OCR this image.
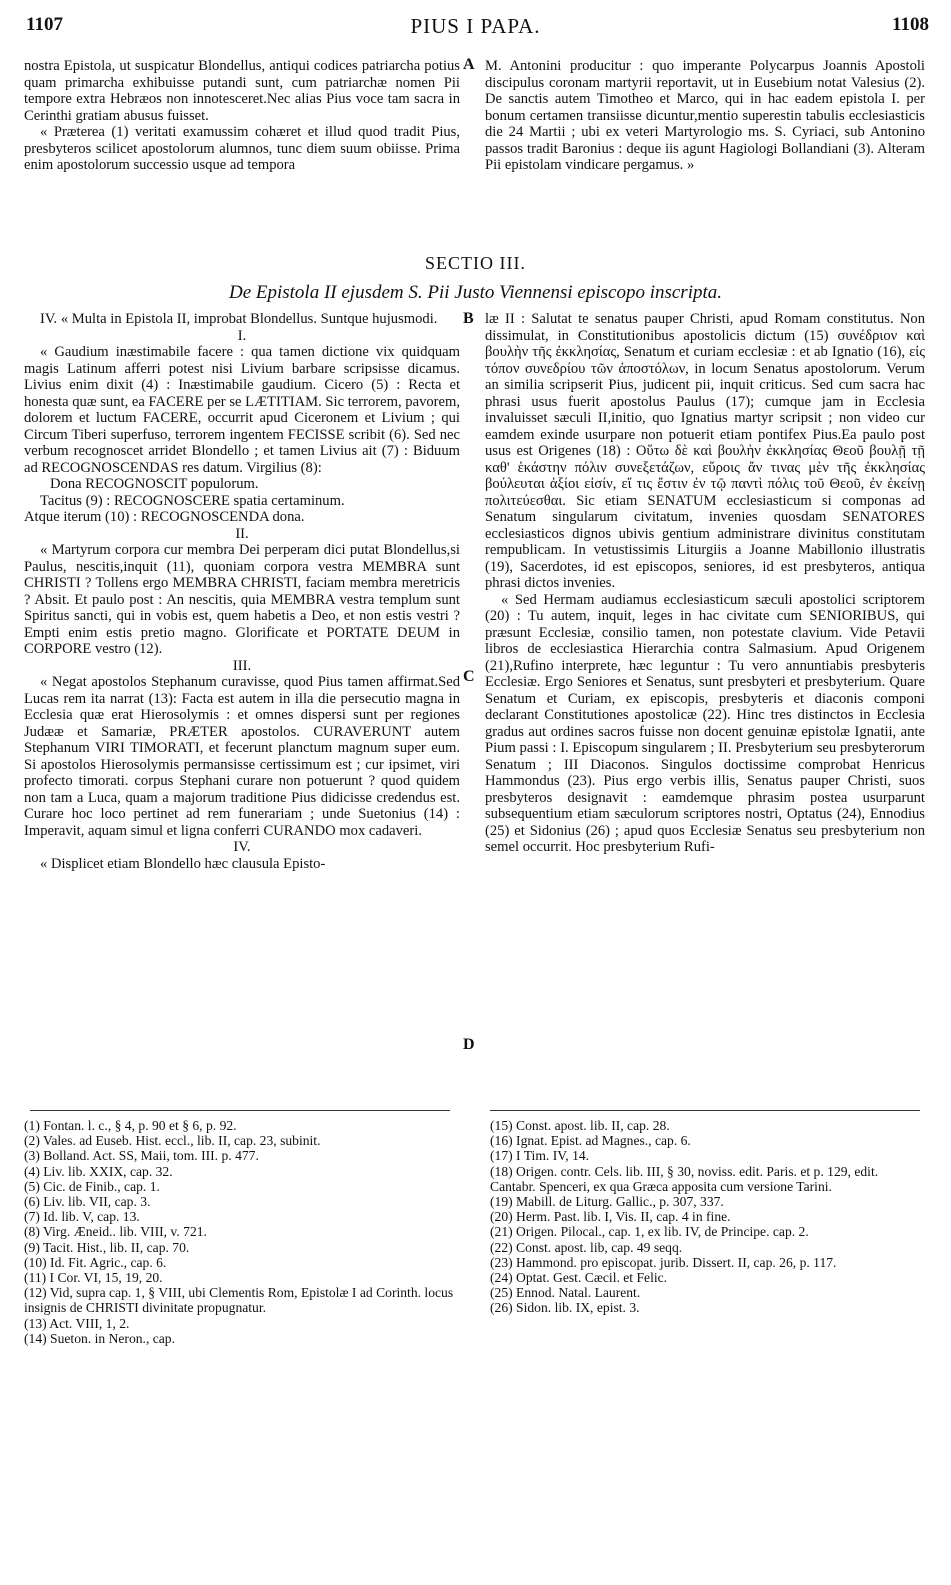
1107	PIUS I PAPA.	1108

nostra Epistola, ut suspicatur Blondellus, antiqui codices patriarcha potius quam primarcha exhibuisse putandi sunt, cum patriarchæ nomen Pii tempore extra Hebræos non innotesceret.Nec alias Pius voce tam sacra in Cerinthi gratiam abusus fuisset.

« Præterea (1) veritati examussim cohæret et illud quod tradit Pius, presbyteros scilicet apostolorum alumnos, tunc diem suum obiisse. Prima enim apostolorum successio usque ad tempora

A M. Antonini producitur : quo imperante Polycarpus Joannis Apostoli discipulus coronam martyrii reportavit, ut in Eusebium notat Valesius (2). De sanctis autem Timotheo et Marco, qui in hac eadem epistola I. per bonum certamen transiisse dicuntur,mentio superestin tabulis ecclesiasticis die 24 Martii ; ubi ex veteri Martyrologio ms. S. Cyriaci, sub Antonino passos tradit Baronius : deque iis agunt Hagiologi Bollandiani (3). Alteram Pii epistolam vindicare pergamus. »

SECTIO III.
De Epistola II ejusdem S. Pii Justo Viennensi episcopo inscripta.

IV. « Multa in Epistola II, improbat Blondellus. Suntque hujusmodi.

I.

« Gaudium inæstimabile facere : qua tamen dictione vix quidquam magis Latinum afferri potest nisi Livium barbare scripsisse dicamus. Livius enim dixit (4) : Inæstimabile gaudium. Cicero (5) : Recta et honesta quæ sunt, ea FACERE per se LÆTITIAM. Sic terrorem, pavorem, dolorem et luctum FACERE, occurrit apud Ciceronem et Livium ; qui Circum Tiberi superfuso, terrorem ingentem FECISSE scribit (6). Sed nec verbum recognoscet arridet Blondello ; et tamen Livius ait (7) : Biduum ad RECOGNOSCENDAS res datum. Virgilius (8):

Dona RECOGNOSCIT populorum.

Tacitus (9) : RECOGNOSCERE spatia certaminum.

Atque iterum (10) : RECOGNOSCENDA dona.

II.

« Martyrum corpora cur membra Dei perperam dici putat Blondellus,si Paulus, nescitis,inquit (11), quoniam corpora vestra MEMBRA sunt CHRISTI ? Tollens ergo MEMBRA CHRISTI, faciam membra meretricis ? Absit. Et paulo post : An nescitis, quia MEMBRA vestra templum sunt Spiritus sancti, qui in vobis est, quem habetis a Deo, et non estis vestri ? Empti enim estis pretio magno. Glorificate et PORTATE DEUM in CORPORE vestro (12).

III.

« Negat apostolos Stephanum curavisse, quod Pius tamen affirmat.Sed Lucas rem ita narrat (13): Facta est autem in illa die persecutio magna in Ecclesia quæ erat Hierosolymis : et omnes dispersi sunt per regiones Judææ et Samariæ, PRÆTER apostolos. CURAVERUNT autem Stephanum VIRI TIMORATI, et fecerunt planctum magnum super eum. Si apostolos Hierosolymis permansisse certissimum est ; cur ipsimet, viri profecto timorati. corpus Stephani curare non potuerunt ? quod quidem non tam a Luca, quam a majorum traditione Pius didicisse credendus est. Curare hoc loco pertinet ad rem funerariam ; unde Suetonius (14) : Imperavit, aquam simul et ligna conferri CURANDO mox cadaveri.

IV.

« Displicet etiam Blondello hæc clausula Episto-

B
C
D

læ II : Salutat te senatus pauper Christi, apud Romam constitutus. Non dissimulat, in Constitutionibus apostolicis dictum (15) συνέδριον καὶ βουλὴν τῆς ἐκκλησίας, Senatum et curiam ecclesiæ : et ab Ignatio (16), εἰς τόπον συνεδρίου τῶν ἀποστόλων, in locum Senatus apostolorum. Verum an similia scripserit Pius, judicent pii, inquit criticus. Sed cum sacra hac phrasi usus fuerit apostolus Paulus (17); cumque jam in Ecclesia invaluisset sæculi II,initio, quo Ignatius martyr scripsit ; non video cur eamdem exinde usurpare non potuerit etiam pontifex Pius.Ea paulo post usus est Origenes (18) : Οὕτω δὲ καὶ βουλὴν ἐκκλησίας Θεοῦ βουλῇ τῇ καθ' ἑκάστην πόλιν συνεξετάζων, εὕροις ἄν τινας μὲν τῆς ἐκκλησίας βούλευται ἀξίοι εἰσίν, εἴ τις ἔστιν ἐν τῷ παντὶ πόλις τοῦ Θεοῦ, ἐν ἐκείνῃ πολιτεύεσθαι. Sic etiam SENATUM ecclesiasticum si componas ad Senatum singularum civitatum, invenies quosdam SENATORES ecclesiasticos dignos ubivis gentium administrare divinitus constitutam rempublicam. In vetustissimis Liturgiis a Joanne Mabillonio illustratis (19), Sacerdotes, id est episcopos, seniores, id est presbyteros, antiqua phrasi dictos invenies.

« Sed Hermam audiamus ecclesiasticum sæculi apostolici scriptorem (20) : Tu autem, inquit, leges in hac civitate cum SENIORIBUS, qui præsunt Ecclesiæ, consilio tamen, non potestate clavium. Vide Petavii libros de ecclesiastica Hierarchia contra Salmasium. Apud Origenem (21),Rufino interprete, hæc leguntur : Tu vero annuntiabis presbyteris Ecclesiæ. Ergo Seniores et Senatus, sunt presbyteri et presbyterium. Quare Senatum et Curiam, ex episcopis, presbyteris et diaconis componi declarant Constitutiones apostolicæ (22). Hinc tres distinctos in Ecclesia gradus aut ordines sacros fuisse non docent genuinæ epistolæ Ignatii, ante Pium passi : I. Episcopum singularem ; II. Presbyterium seu presbyterorum Senatum ; III Diaconos. Singulos doctissime comprobat Henricus Hammondus (23). Pius ergo verbis illis, Senatus pauper Christi, suos presbyteros designavit : eamdemque phrasim postea usurparunt subsequentium etiam sæculorum scriptores nostri, Optatus (24), Ennodius (25) et Sidonius (26) ; apud quos Ecclesiæ Senatus seu presbyterium non semel occurrit. Hoc presbyterium Rufi-

(1) Fontan. l. c., § 4, p. 90 et § 6, p. 92.
(2) Vales. ad Euseb. Hist. eccl., lib. II, cap. 23, subinit.
(3) Bolland. Act. SS, Maii, tom. III. p. 477.
(4) Liv. lib. XXIX, cap. 32.
(5) Cic. de Finib., cap. 1.
(6) Liv. lib. VII, cap. 3.
(7) Id. lib. V, cap. 13.
(8) Virg. Æneid.. lib. VIII, v. 721.
(9) Tacit. Hist., lib. II, cap. 70.
(10) Id. Fit. Agric., cap. 6.
(11) I Cor. VI, 15, 19, 20.
(12) Vid, supra cap. 1, § VIII, ubi Clementis Rom, Epistolæ I ad Corinth. locus insignis de CHRISTI divinitate propugnatur.
(13) Act. VIII, 1, 2.
(14) Sueton. in Neron., cap.
(15) Const. apost. lib. II, cap. 28.
(16) Ignat. Epist. ad Magnes., cap. 6.
(17) I Tim. IV, 14.
(18) Origen. contr. Cels. lib. III, § 30, noviss. edit. Paris. et p. 129, edit. Cantabr. Spenceri, ex qua Græca apposita cum versione Tarini.
(19) Mabill. de Liturg. Gallic., p. 307, 337.
(20) Herm. Past. lib. I, Vis. II, cap. 4 in fine.
(21) Origen. Pilocal., cap. 1, ex lib. IV, de Principe. cap. 2.
(22) Const. apost. lib, cap. 49 seqq.
(23) Hammond. pro episcopat. jurib. Dissert. II, cap. 26, p. 117.
(24) Optat. Gest. Cæcil. et Felic.
(25) Ennod. Natal. Laurent.
(26) Sidon. lib. IX, epist. 3.
